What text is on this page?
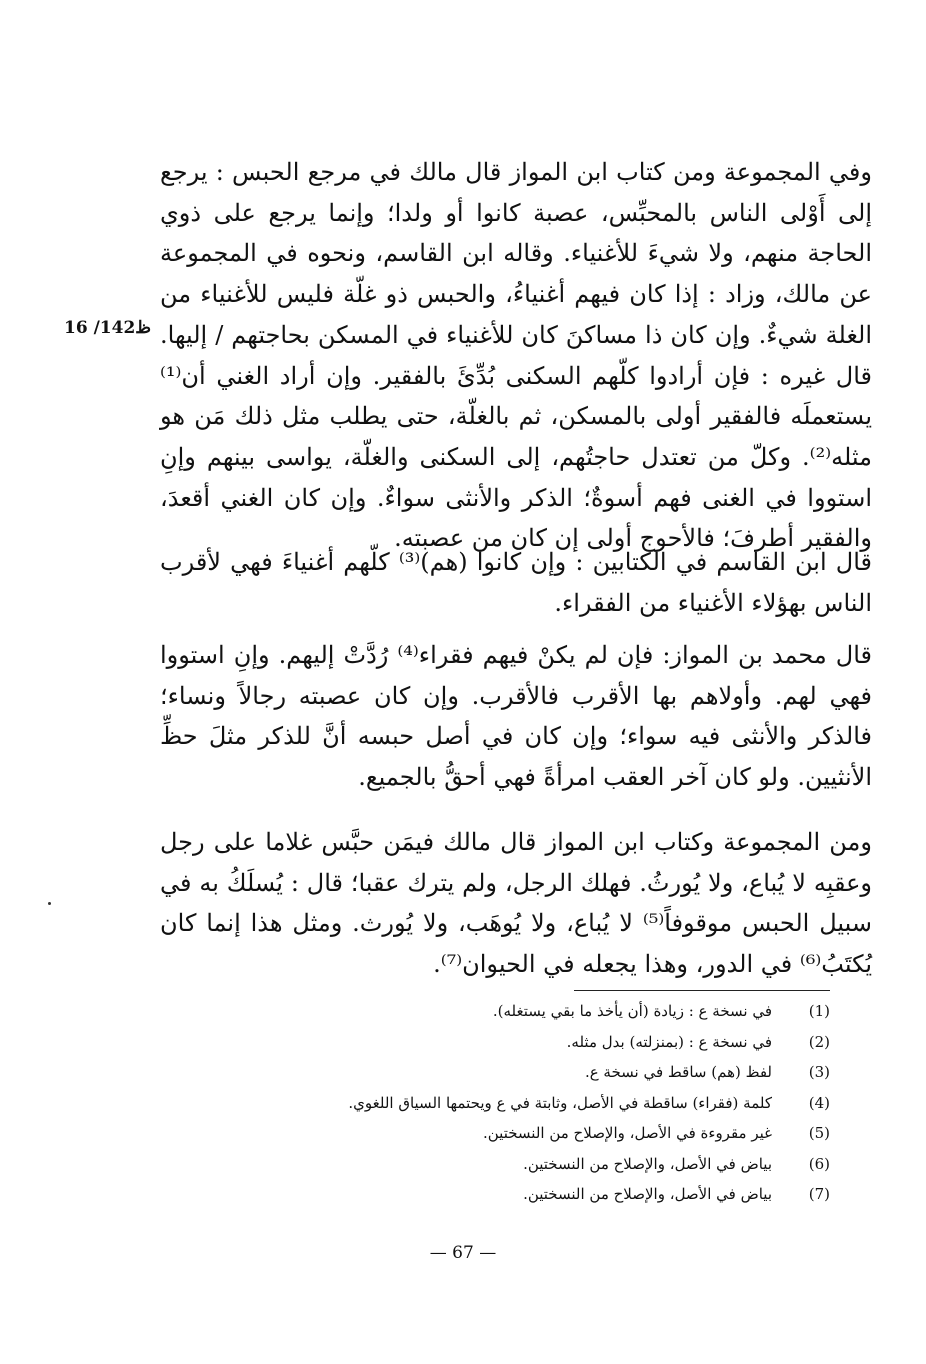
وفي المجموعة ومن كتاب ابن المواز قال مالك في مرجع الحبس : يرجع إلى أَوْلى الناس بالمحبِّس، عصبة كانوا أو ولدا؛ وإنما يرجع على ذوي الحاجة منهم، ولا شيءَ للأغنياء. وقاله ابن القاسم، ونحوه في المجموعة عن مالك، وزاد : إذا كان فيهم أغنياءُ، والحبس ذو غلّة فليس للأغنياء من الغلة شيءٌ. وإن كان ذا مساكنَ كان للأغنياء في المسكن بحاجتهم / إليها. قال غيره : فإن أرادوا كلّهم السكنى بُدِّئَ بالفقير. وإن أراد الغني أن⁽¹⁾ يستعملَه فالفقير أولى بالمسكن، ثم بالغلّة، حتى يطلب مثل ذلك مَن هو مثله⁽²⁾. وكلّ من تعتدل حاجتُهم، إلى السكنى والغلّة، يواسى بينهم وإنِ استووا في الغنى فهم أسوةٌ؛ الذكر والأنثى سواءٌ. وإن كان الغني أقعدَ، والفقير أطرفَ؛ فالأحوج أولى إن كان من عصبته.
16 /142ظ
قال ابن القاسم في الكتابين : وإن كانوا (هم)⁽³⁾ كلّهم أغنياءَ فهي لأقرب الناس بهؤلاء الأغنياء من الفقراء.
قال محمد بن المواز: فإن لم يكنْ فيهم فقراء⁽⁴⁾ رُدَّتْ إليهم. وإنِ استووا فهي لهم. وأولاهم بها الأقرب فالأقرب. وإن كان عصبته رجالاً ونساء؛ فالذكر والأنثى فيه سواء؛ وإن كان في أصل حبسه أنَّ للذكر مثلَ حظِّ الأنثيين. ولو كان آخر العقب امرأةً فهي أحقُّ بالجميع.
ومن المجموعة وكتاب ابن المواز قال مالك فيمَن حبَّس غلاما على رجل وعقبِه لا يُباع، ولا يُورثُ. فهلك الرجل، ولم يترك عقبا؛ قال : يُسلَكُ به في سبيل الحبس موقوفاً⁽⁵⁾ لا يُباع، ولا يُوهَب، ولا يُورث. ومثل هذا إنما كان يُكتَبُ⁽⁶⁾ في الدور، وهذا يجعله في الحيوان⁽⁷⁾.
(1)
في نسخة ع : زيادة (أن يأخذ ما بقي يستغله).
(2)
في نسخة ع : (بمنزلته) بدل مثله.
(3)
لفظ (هم) ساقط في نسخة ع.
(4)
كلمة (فقراء) ساقطة في الأصل، وثابتة في ع ويحتمها السياق اللغوي.
(5)
غير مقروءة في الأصل، والإصلاح من النسختين.
(6)
بياض في الأصل، والإصلاح من النسختين.
(7)
بياض في الأصل، والإصلاح من النسختين.
— 67 —
